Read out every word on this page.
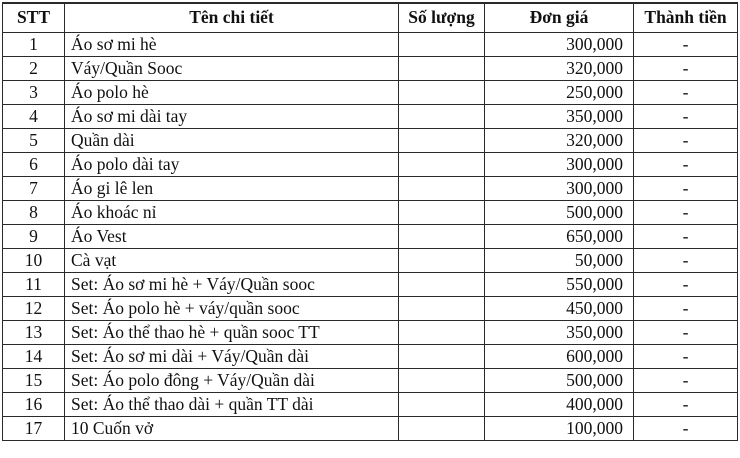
STT	Tên chi tiết	Số lượng	Đơn giá	Thành tiền
1	Áo sơ mi hè		300,000	-
2	Váy/Quần Sooc		320,000	-
3	Áo polo hè		250,000	-
4	Áo sơ mi dài tay		350,000	-
5	Quần dài		320,000	-
6	Áo polo dài tay		300,000	-
7	Áo gi lê len		300,000	-
8	Áo khoác nỉ		500,000	-
9	Áo Vest		650,000	-
10	Cà vạt		50,000	-
11	Set: Áo sơ mi hè + Váy/Quần sooc		550,000	-
12	Set: Áo polo hè + váy/quần sooc		450,000	-
13	Set: Áo thể thao hè + quần sooc TT		350,000	-
14	Set: Áo sơ mi dài + Váy/Quần dài		600,000	-
15	Set: Áo polo đông + Váy/Quần dài		500,000	-
16	Set: Áo thể thao dài + quần TT dài		400,000	-
17	10 Cuốn vở		100,000	-
